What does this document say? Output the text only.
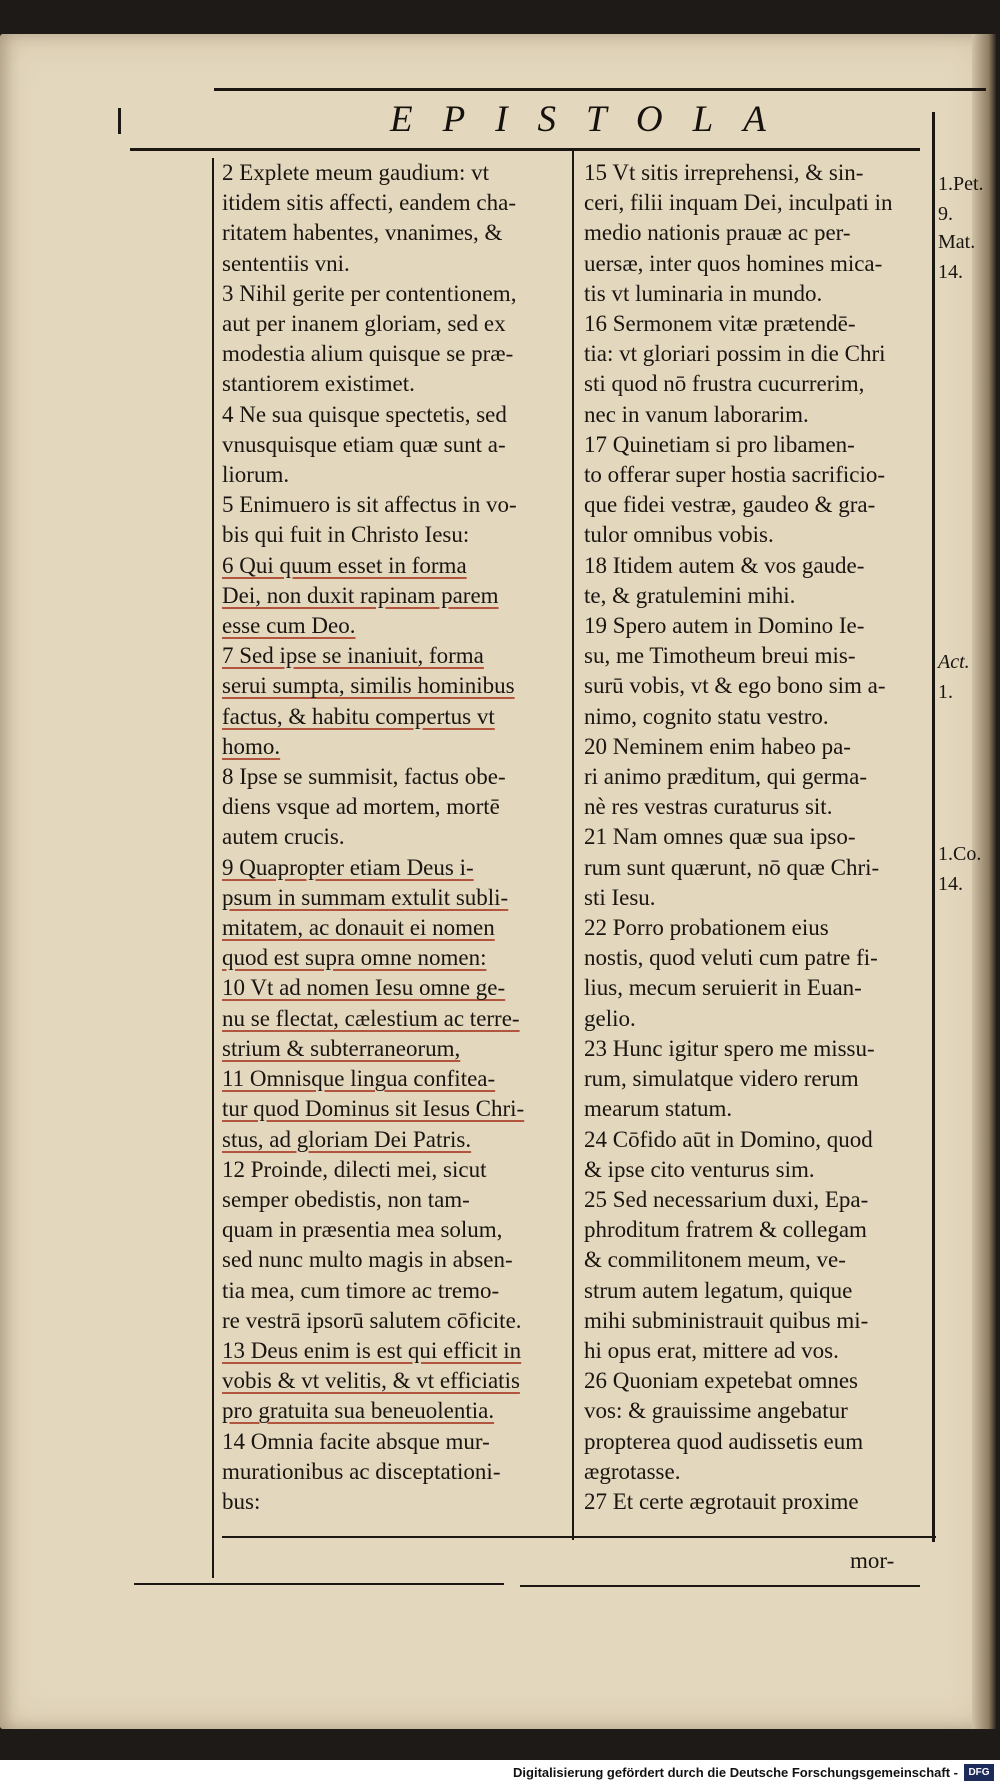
EPISTOLA

2 Explete meum gaudium: vt
itidem sitis affecti, eandem cha-
ritatem habentes, vnanimes, &
sententiis vni.

3 Nihil gerite per contentionem,
aut per inanem gloriam, sed ex
modestia alium quisque se præ-
stantiorem existimet.

4 Ne sua quisque spectetis, sed
vnusquisque etiam quæ sunt a-
liorum.

5 Enimuero is sit affectus in vo-
bis qui fuit in Christo Iesu:

6 Qui quum esset in forma
Dei, non duxit rapinam parem
esse cum Deo.

7 Sed ipse se inaniuit, forma
serui sumpta, similis hominibus
factus, & habitu compertus vt
homo.

8 Ipse se summisit, factus obe-
diens vsque ad mortem, mortē
autem crucis.

9 Quapropter etiam Deus i-
psum in summam extulit subli-
mitatem, ac donauit ei nomen
quod est supra omne nomen:

10 Vt ad nomen Iesu omne ge-
nu se flectat, cælestium ac terre-
strium & subterraneorum,

11 Omnisque lingua confitea-
tur quod Dominus sit Iesus Chri-
stus, ad gloriam Dei Patris.

12 Proinde, dilecti mei, sicut
semper obedistis, non tam-
quam in præsentia mea solum,
sed nunc multo magis in absen-
tia mea, cum timore ac tremo-
re vestrā ipsorū salutem cōficite.

13 Deus enim is est qui efficit in
vobis & vt velitis, & vt efficiatis
pro gratuita sua beneuolentia.

14 Omnia facite absque mur-
murationibus ac disceptationi-
bus:

15 Vt sitis irreprehensi, & sin-
ceri, filii inquam Dei, inculpati in
medio nationis prauæ ac per-
uersæ, inter quos homines mica-
tis vt luminaria in mundo.

16 Sermonem vitæ prætendē-
tia: vt gloriari possim in die Chri
sti quod nō frustra cucurrerim,
nec in vanum laborarim.

17 Quinetiam si pro libamen-
to offerar super hostia sacrificio-
que fidei vestræ, gaudeo & gra-
tulor omnibus vobis.

18 Itidem autem & vos gaude-
te, & gratulemini mihi.

19 Spero autem in Domino Ie-
su, me Timotheum breui mis-
surū vobis, vt & ego bono sim a-
nimo, cognito statu vestro.

20 Neminem enim habeo pa-
ri animo præditum, qui germa-
nè res vestras curaturus sit.

21 Nam omnes quæ sua ipso-
rum sunt quærunt, nō quæ Chri-
sti Iesu.

22 Porro probationem eius
nostis, quod veluti cum patre fi-
lius, mecum seruierit in Euan-
gelio.

23 Hunc igitur spero me missu-
rum, simulatque videro rerum
mearum statum.

24 Cōfido aūt in Domino, quod
& ipse cito venturus sim.

25 Sed necessarium duxi, Epa-
phroditum fratrem & collegam
& commilitonem meum, ve-
strum autem legatum, quique
mihi subministrauit quibus mi-
hi opus erat, mittere ad vos.

26 Quoniam expetebat omnes
vos: & grauissime angebatur
propterea quod audissetis eum
ægrotasse.

27 Et certe ægrotauit proxime

1.Pet.
9.
Mat.
14.
Act.
1.
1.Co.
14.
mor-
Digitalisierung gefördert durch die Deutsche Forschungsgemeinschaft -	DFG
